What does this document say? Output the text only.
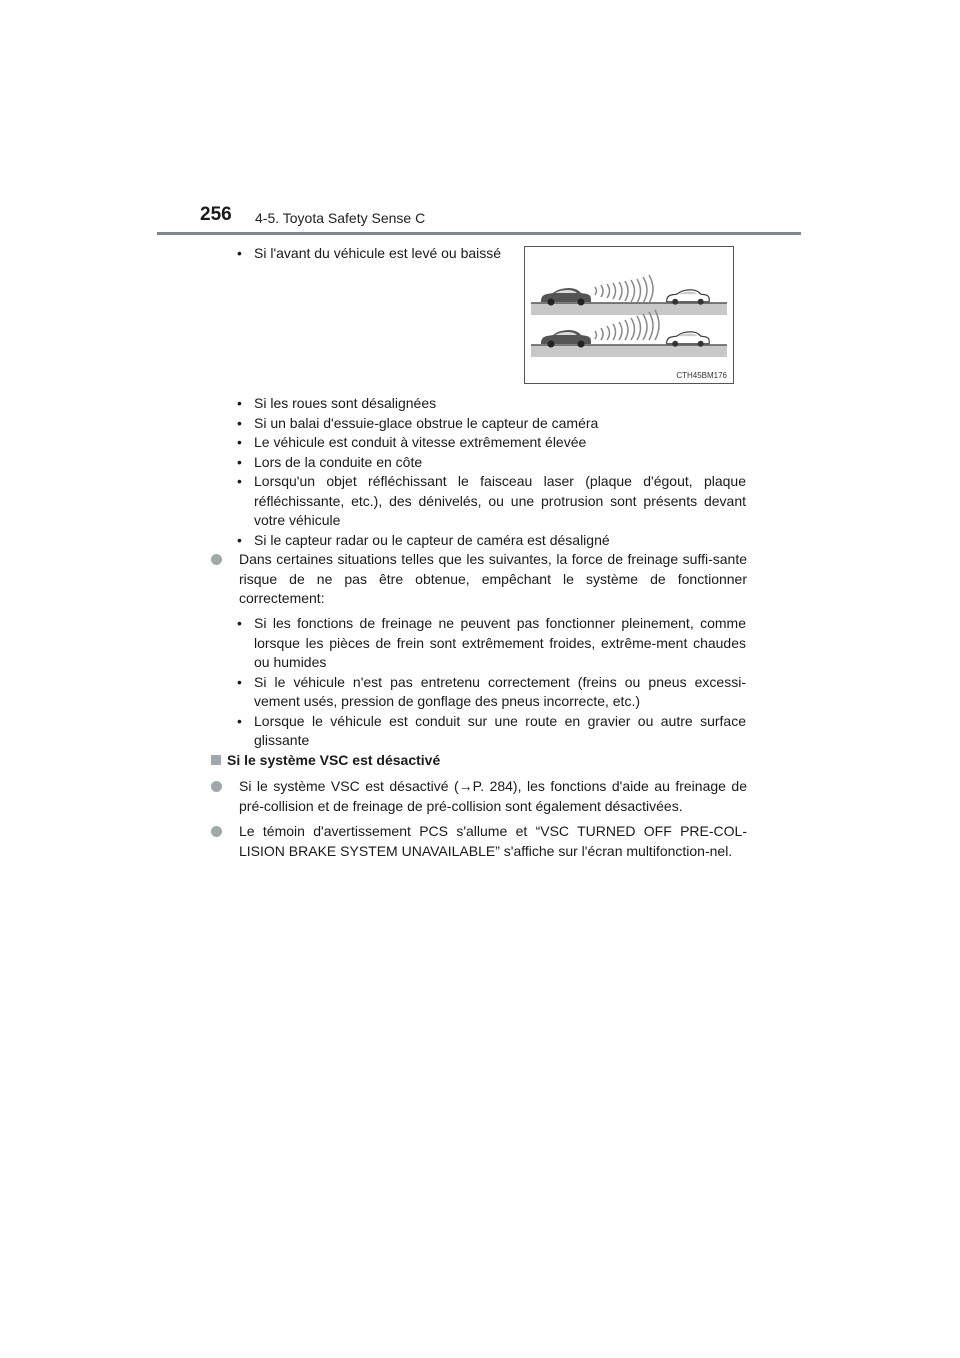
256 4-5. Toyota Safety Sense C
• Si l'avant du véhicule est levé ou baissé
CTH45BM176
• Si les roues sont désalignées
• Si un balai d'essuie-glace obstrue le capteur de caméra
• Le véhicule est conduit à vitesse extrêmement élevée
• Lors de la conduite en côte
• Lorsqu'un objet réfléchissant le faisceau laser (plaque d'égout, plaque réfléchissante, etc.), des dénivelés, ou une protrusion sont présents devant votre véhicule
• Si le capteur radar ou le capteur de caméra est désaligné
Dans certaines situations telles que les suivantes, la force de freinage suffi-sante risque de ne pas être obtenue, empêchant le système de fonctionner correctement:
• Si les fonctions de freinage ne peuvent pas fonctionner pleinement, comme lorsque les pièces de frein sont extrêmement froides, extrême-ment chaudes ou humides
• Si le véhicule n'est pas entretenu correctement (freins ou pneus excessi-vement usés, pression de gonflage des pneus incorrecte, etc.)
• Lorsque le véhicule est conduit sur une route en gravier ou autre surface glissante
Si le système VSC est désactivé
Si le système VSC est désactivé (→P. 284), les fonctions d'aide au freinage de pré-collision et de freinage de pré-collision sont également désactivées.
Le témoin d'avertissement PCS s'allume et “VSC TURNED OFF PRE-COL-LISION BRAKE SYSTEM UNAVAILABLE” s'affiche sur l'écran multifonction-nel.
